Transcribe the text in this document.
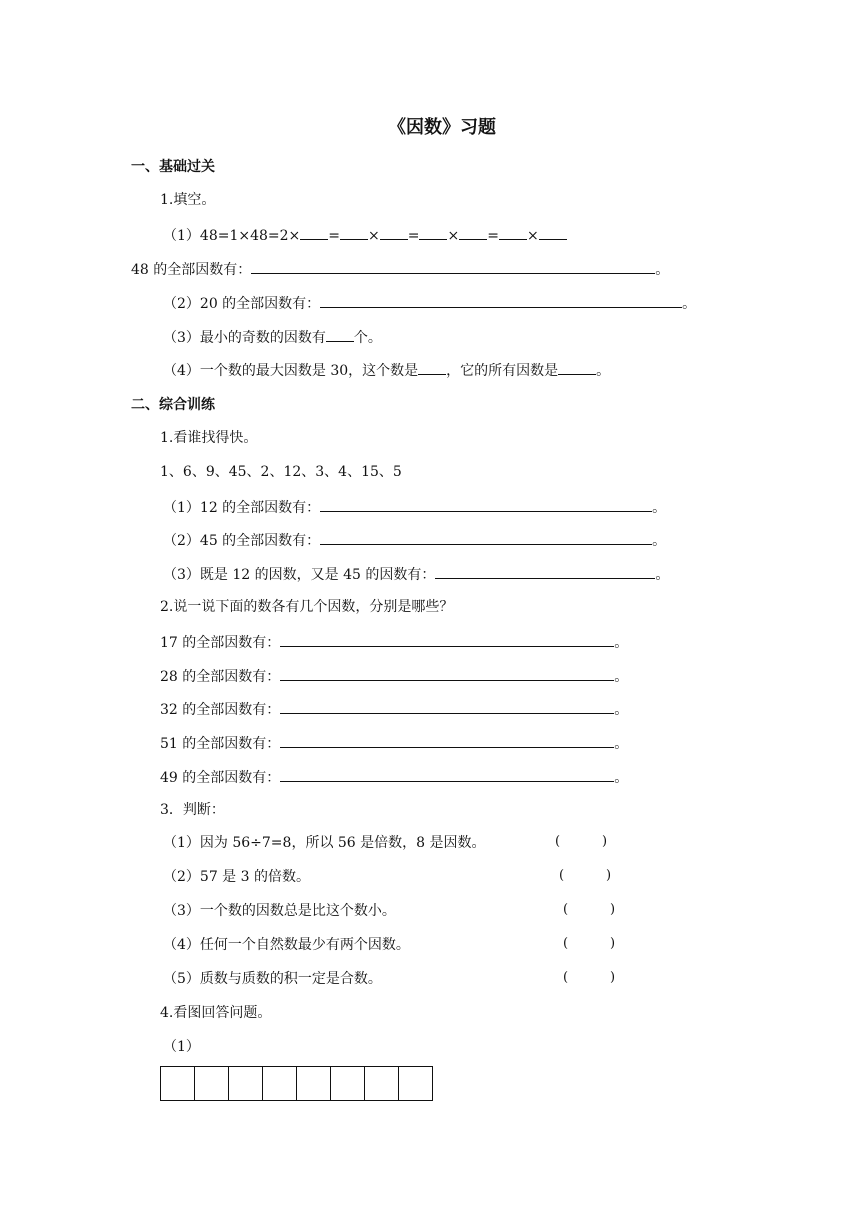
《因数》习题
一、基础过关
1.填空。
（1）48=1×48=2× = × = × = ×
48 的全部因数有：	。
（2）20 的全部因数有：	。
（3）最小的奇数的因数有 个。
（4）一个数的最大因数是 30，这个数是 ，它的所有因数是	。
二、综合训练
1.看谁找得快。
1、6、9、45、2、12、3、4、15、5
（1）12 的全部因数有：	。
（2）45 的全部因数有：	。
（3）既是 12 的因数，又是 45 的因数有：	。
2.说一说下面的数各有几个因数，分别是哪些？
17 的全部因数有：	。
28 的全部因数有：	。
32 的全部因数有：	。
51 的全部因数有：	。
49 的全部因数有：	。
3．判断：
（1）因为 56÷7=8，所以 56 是倍数，8 是因数。	(	)
（2）57 是 3 的倍数。	(	)
（3）一个数的因数总是比这个数小。	(	)
（4）任何一个自然数最少有两个因数。	(	)
（5）质数与质数的积一定是合数。	(	)
4.看图回答问题。
（1）
